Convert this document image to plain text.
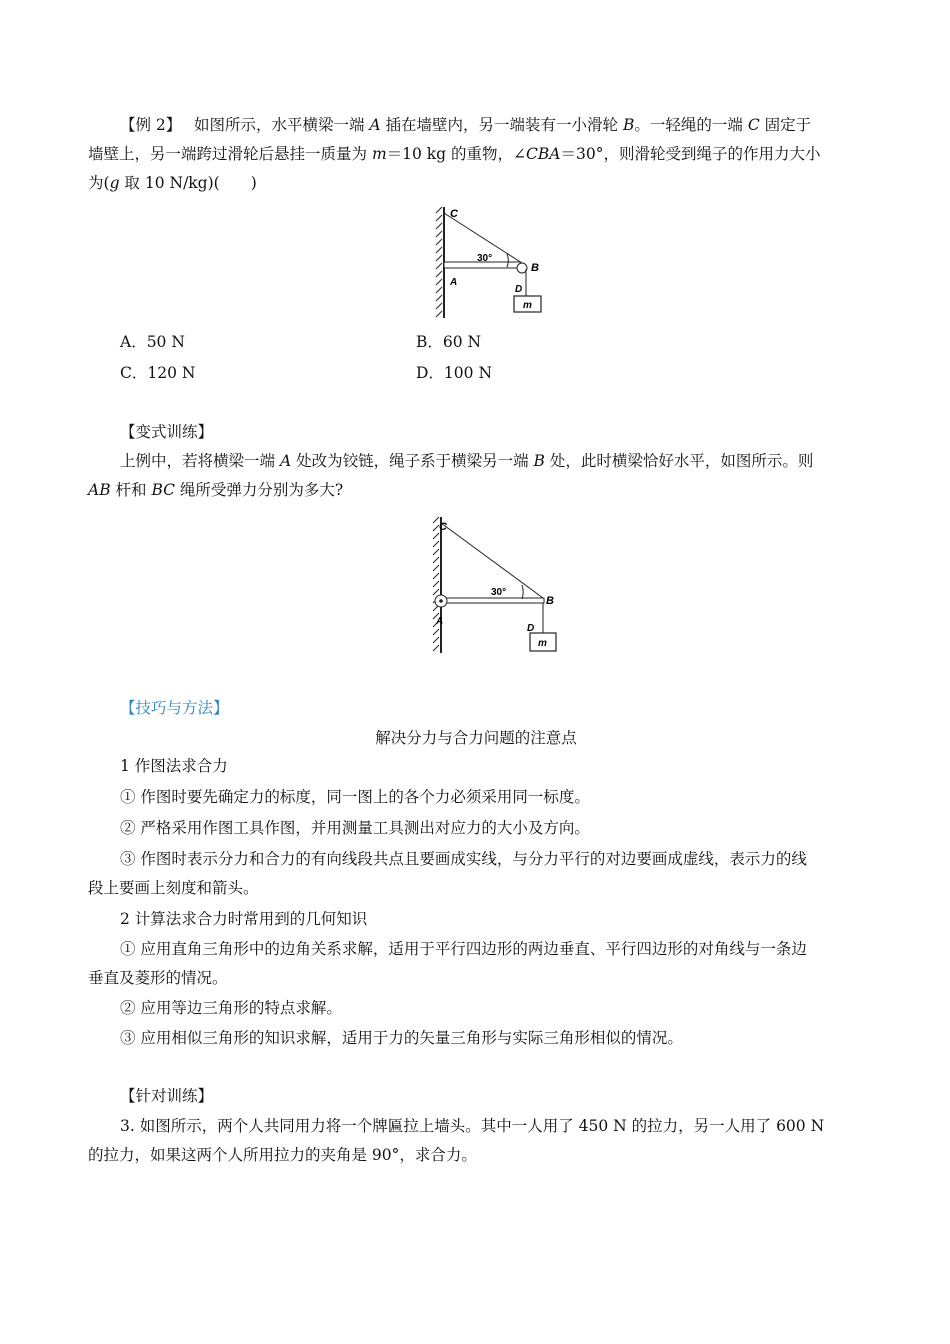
【例 2】　 如图所示，水平横梁一端 A 插在墙壁内，另一端装有一小滑轮 B。一轻绳的一端 C 固定于
墙壁上，另一端跨过滑轮后悬挂一质量为 m＝10 kg 的重物，∠CBA＝30°，则滑轮受到绳子的作用力大小
为(g 取 10 N/kg)(　　)

C
30°
B
A
D
m
A．50 N	B．60 N
C．120 N	D．100 N

【变式训练】

上例中，若将横梁一端 A 处改为铰链，绳子系于横梁另一端 B 处，此时横梁恰好水平，如图所示。则
AB 杆和 BC 绳所受弹力分别为多大?

C
30°
B
A
D
m

【技巧与方法】

解决分力与合力问题的注意点

1 作图法求合力

① 作图时要先确定力的标度，同一图上的各个力必须采用同一标度。

② 严格采用作图工具作图，并用测量工具测出对应力的大小及方向。

③ 作图时表示分力和合力的有向线段共点且要画成实线，与分力平行的对边要画成虚线，表示力的线
段上要画上刻度和箭头。

2 计算法求合力时常用到的几何知识

① 应用直角三角形中的边角关系求解，适用于平行四边形的两边垂直、平行四边形的对角线与一条边
垂直及菱形的情况。

② 应用等边三角形的特点求解。

③ 应用相似三角形的知识求解，适用于力的矢量三角形与实际三角形相似的情况。

【针对训练】

3. 如图所示，两个人共同用力将一个牌匾拉上墙头。其中一人用了 450 N 的拉力，另一人用了 600 N
的拉力，如果这两个人所用拉力的夹角是 90°，求合力。
